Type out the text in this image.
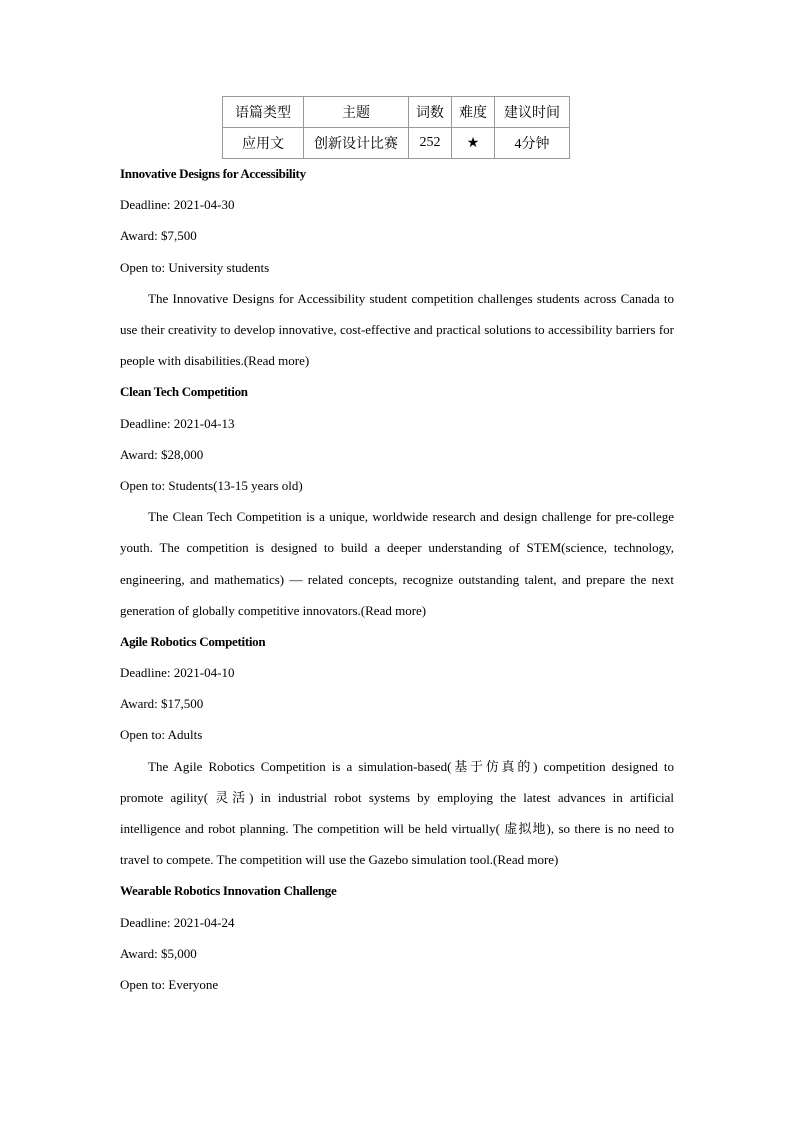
语篇类型	主题	词数	难度	建议时间
应用文	创新设计比赛	252	★	4分钟
Innovative Designs for Accessibility
Deadline: 2021-04-30
Award: $7,500
Open to: University students
The Innovative Designs for Accessibility student competition challenges students across Canada to use their creativity to develop innovative, cost-effective and practical solutions to accessibility barriers for people with disabilities.(Read more)
Clean Tech Competition
Deadline: 2021-04-13
Award: $28,000
Open to: Students(13-15 years old)
The Clean Tech Competition is a unique, worldwide research and design challenge for pre-college youth. The competition is designed to build a deeper understanding of STEM(science, technology, engineering, and mathematics) — related concepts, recognize outstanding talent, and prepare the next generation of globally competitive innovators.(Read more)
Agile Robotics Competition
Deadline: 2021-04-10
Award: $17,500
Open to: Adults
The Agile Robotics Competition is a simulation-based(基于仿真的) competition designed to promote agility( 灵活) in industrial robot systems by employing the latest advances in artificial intelligence and robot planning. The competition will be held virtually( 虚拟地), so there is no need to travel to compete. The competition will use the Gazebo simulation tool.(Read more)
Wearable Robotics Innovation Challenge
Deadline: 2021-04-24
Award: $5,000
Open to: Everyone
